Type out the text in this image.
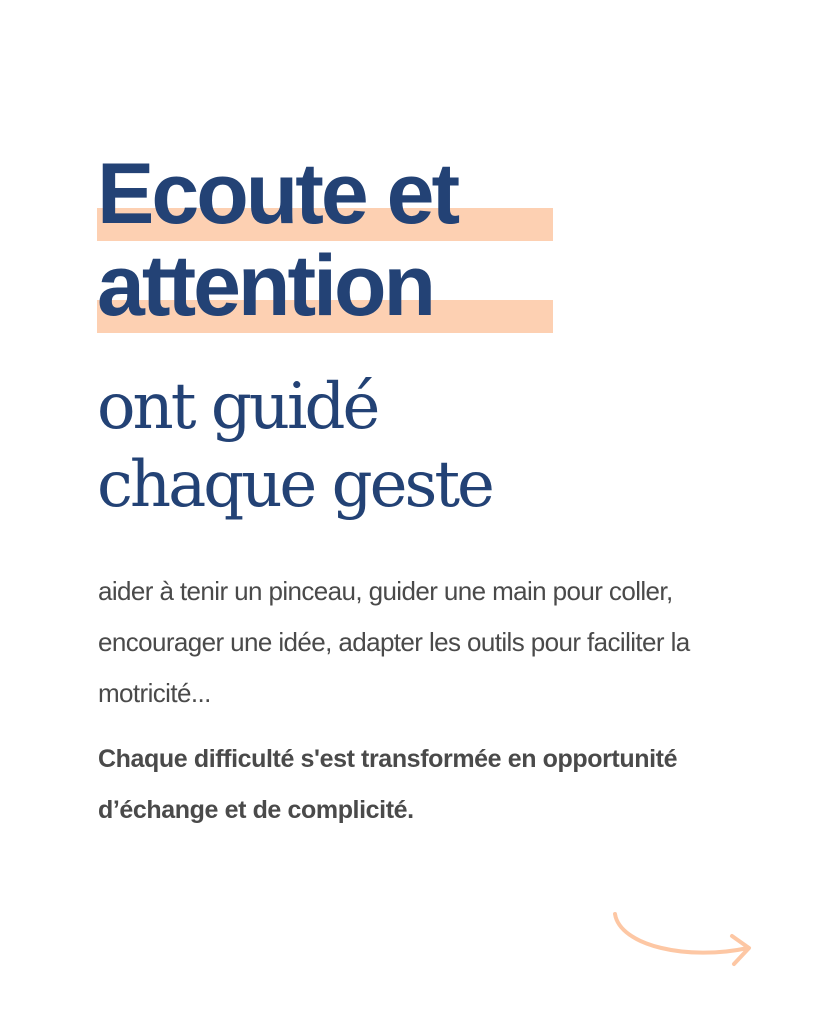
Ecoute et
attention
ont guidé
chaque geste
aider à tenir un pinceau, guider une main pour coller, encourager une idée, adapter les outils pour faciliter la motricité...
Chaque difficulté s'est transformée en opportunité d’échange et de complicité.
